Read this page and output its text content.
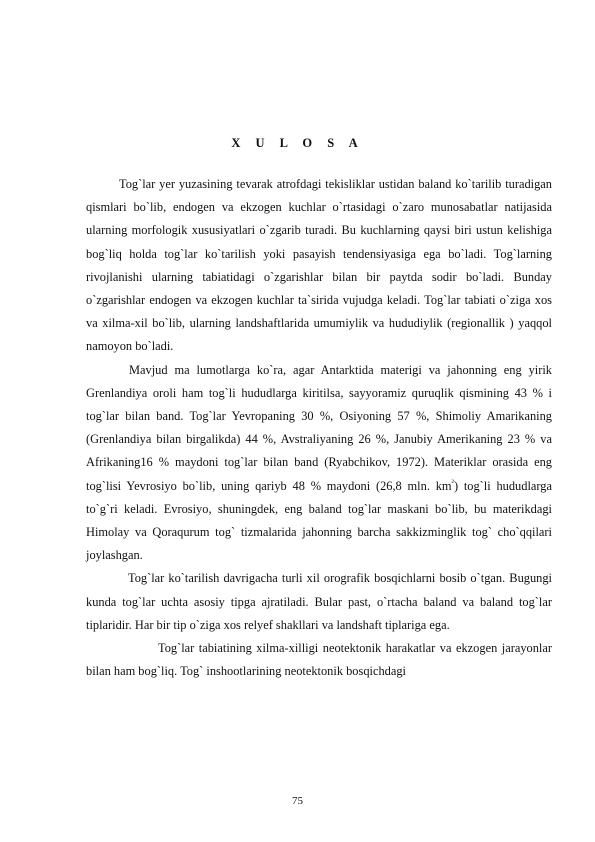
X U L O S A

Tog`lar yer yuzasining tevarak atrofdagi tekisliklar ustidan baland ko`tarilib turadigan qismlari bo`lib, endogen va ekzogen kuchlar o`rtasidagi o`zaro munosabatlar natijasida ularning morfologik xususiyatlari o`zgarib turadi. Bu kuchlarning qaysi biri ustun kelishiga bog`liq holda tog`lar ko`tarilish yoki pasayish tendensiyasiga ega bo`ladi. Tog`larning rivojlanishi ularning tabiatidagi o`zgarishlar bilan bir paytda sodir bo`ladi. Bunday o`zgarishlar endogen va ekzogen kuchlar ta`sirida vujudga keladi. Tog`lar tabiati o`ziga xos va xilma-xil bo`lib, ularning landshaftlarida umumiylik va hududiylik (regionallik ) yaqqol namoyon bo`ladi.

Mavjud ma lumotlarga ko`ra, agar Antarktida materigi va jahonning eng yirik Grenlandiya oroli ham tog`li hududlarga kiritilsa, sayyoramiz quruqlik qismining 43 % i tog`lar bilan band. Tog`lar Yevropaning 30 %, Osiyoning 57 %, Shimoliy Amarikaning (Grenlandiya bilan birgalikda) 44 %, Avstraliyaning 26 %, Janubiy Amerikaning 23 % va Afrikaning16 % maydoni tog`lar bilan band (Ryabchikov, 1972). Materiklar orasida eng tog`lisi Yevrosiyo bo`lib, uning qariyb 48 % maydoni (26,8 mln. $km^{^2}$) tog`li hududlarga to`g`ri keladi. Evrosiyo, shuningdek, eng baland tog`lar maskani bo`lib, bu materikdagi Himolay va Qoraqurum tog` tizmalarida jahonning barcha sakkizminglik tog` cho`qqilari joylashgan.

Tog`lar ko`tarilish davrigacha turli xil orografik bosqichlarni bosib o`tgan. Bugungi kunda tog`lar uchta asosiy tipga ajratiladi. Bular past, o`rtacha baland va baland tog`lar tiplaridir. Har bir tip o`ziga xos relyef shakllari va landshaft tiplariga ega.

Tog`lar tabiatining xilma-xilligi neotektonik harakatlar va ekzogen jarayonlar bilan ham bog`liq. Tog` inshootlarining neotektonik bosqichdagi

75
